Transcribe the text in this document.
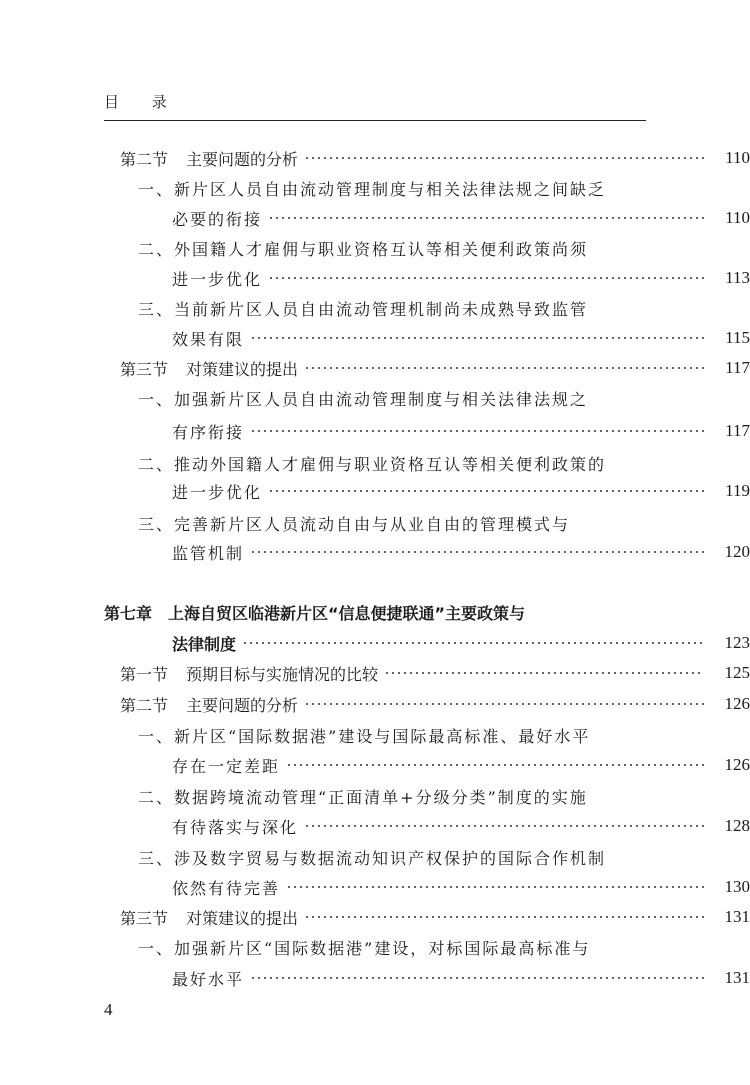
目 录
第二节 主要问题的分析	110
一、新片区人员自由流动管理制度与相关法律法规之间缺乏
必要的衔接	110
二、外国籍人才雇佣与职业资格互认等相关便利政策尚须
进一步优化	113
三、当前新片区人员自由流动管理机制尚未成熟导致监管
效果有限	115
第三节 对策建议的提出	117
一、加强新片区人员自由流动管理制度与相关法律法规之
有序衔接	117
二、推动外国籍人才雇佣与职业资格互认等相关便利政策的
进一步优化	119
三、完善新片区人员流动自由与从业自由的管理模式与
监管机制	120
第七章　上海自贸区临港新片区“信息便捷联通”主要政策与
法律制度	123
第一节 预期目标与实施情况的比较	125
第二节 主要问题的分析	126
一、新片区“国际数据港”建设与国际最高标准、最好水平
存在一定差距	126
二、数据跨境流动管理“正面清单+分级分类”制度的实施
有待落实与深化	128
三、涉及数字贸易与数据流动知识产权保护的国际合作机制
依然有待完善	130
第三节 对策建议的提出	131
一、加强新片区“国际数据港”建设，对标国际最高标准与
最好水平	131
4
